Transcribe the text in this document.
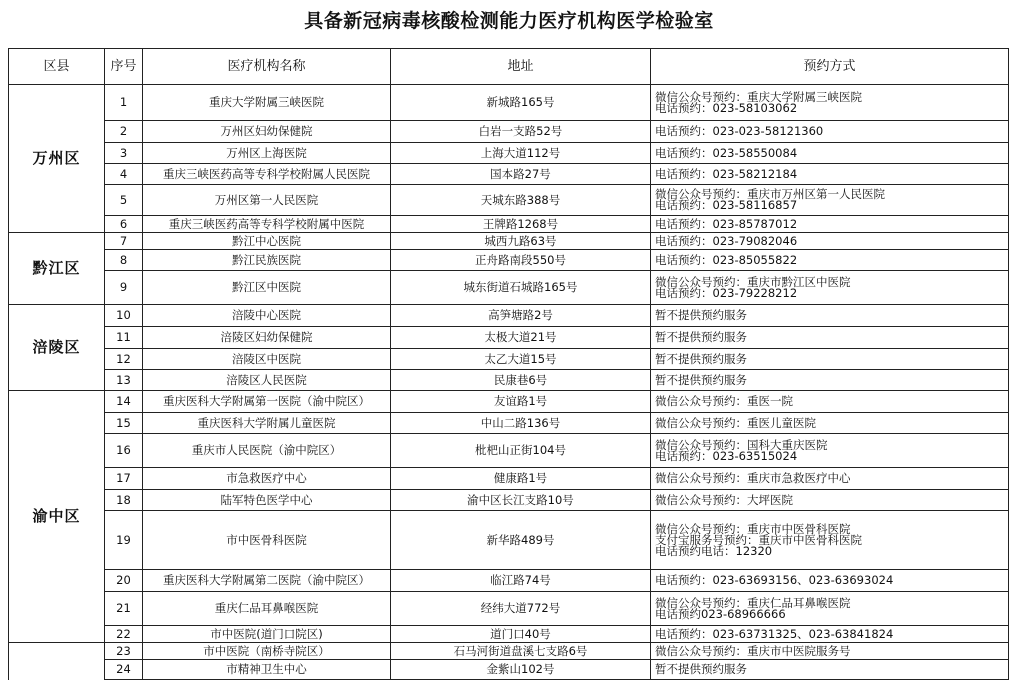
具备新冠病毒核酸检测能力医疗机构医学检验室
区县	序号	医疗机构名称	地址	预约方式
万州区	1	重庆大学附属三峡医院	新城路165号	微信公众号预约：重庆大学附属三峡医院
电话预约：023-58103062

	2	万州区妇幼保健院	白岩一支路52号	电话预约：023-023-58121360

	3	万州区上海医院	上海大道112号	电话预约：023-58550084

	4	重庆三峡医药高等专科学校附属人民医院	国本路27号	电话预约：023-58212184

	5	万州区第一人民医院	天城东路388号	微信公众号预约：重庆市万州区第一人民医院
电话预约：023-58116857

	6	重庆三峡医药高等专科学校附属中医院	王牌路1268号	电话预约：023-85787012

黔江区	7	黔江中心医院	城西九路63号	电话预约：023-79082046

	8	黔江民族医院	正舟路南段550号	电话预约：023-85055822

	9	黔江区中医院	城东街道石城路165号	微信公众号预约：重庆市黔江区中医院
电话预约：023-79228212

涪陵区	10	涪陵中心医院	高笋塘路2号	暂不提供预约服务

	11	涪陵区妇幼保健院	太极大道21号	暂不提供预约服务

	12	涪陵区中医院	太乙大道15号	暂不提供预约服务

	13	涪陵区人民医院	民康巷6号	暂不提供预约服务

渝中区	14	重庆医科大学附属第一医院（渝中院区）	友谊路1号	微信公众号预约：重医一院

	15	重庆医科大学附属儿童医院	中山二路136号	微信公众号预约：重医儿童医院

	16	重庆市人民医院（渝中院区）	枇杷山正街104号	微信公众号预约：国科大重庆医院
电话预约：023-63515024

	17	市急救医疗中心	健康路1号	微信公众号预约：重庆市急救医疗中心

	18	陆军特色医学中心	渝中区长江支路10号	微信公众号预约：大坪医院

	19	市中医骨科医院	新华路489号	微信公众号预约：重庆市中医骨科医院
支付宝服务号预约：重庆市中医骨科医院
电话预约电话：12320

	20	重庆医科大学附属第二医院（渝中院区）	临江路74号	电话预约：023-63693156、023-63693024

	21	重庆仁品耳鼻喉医院	经纬大道772号	微信公众号预约：重庆仁品耳鼻喉医院
电话预约023-68966666

	22	市中医院(道门口院区)	道门口40号	电话预约：023-63731325、023-63841824

	23	市中医院（南桥寺院区）	石马河街道盘溪七支路6号	微信公众号预约：重庆市中医院服务号

	24	市精神卫生中心	金紫山102号	暂不提供预约服务
